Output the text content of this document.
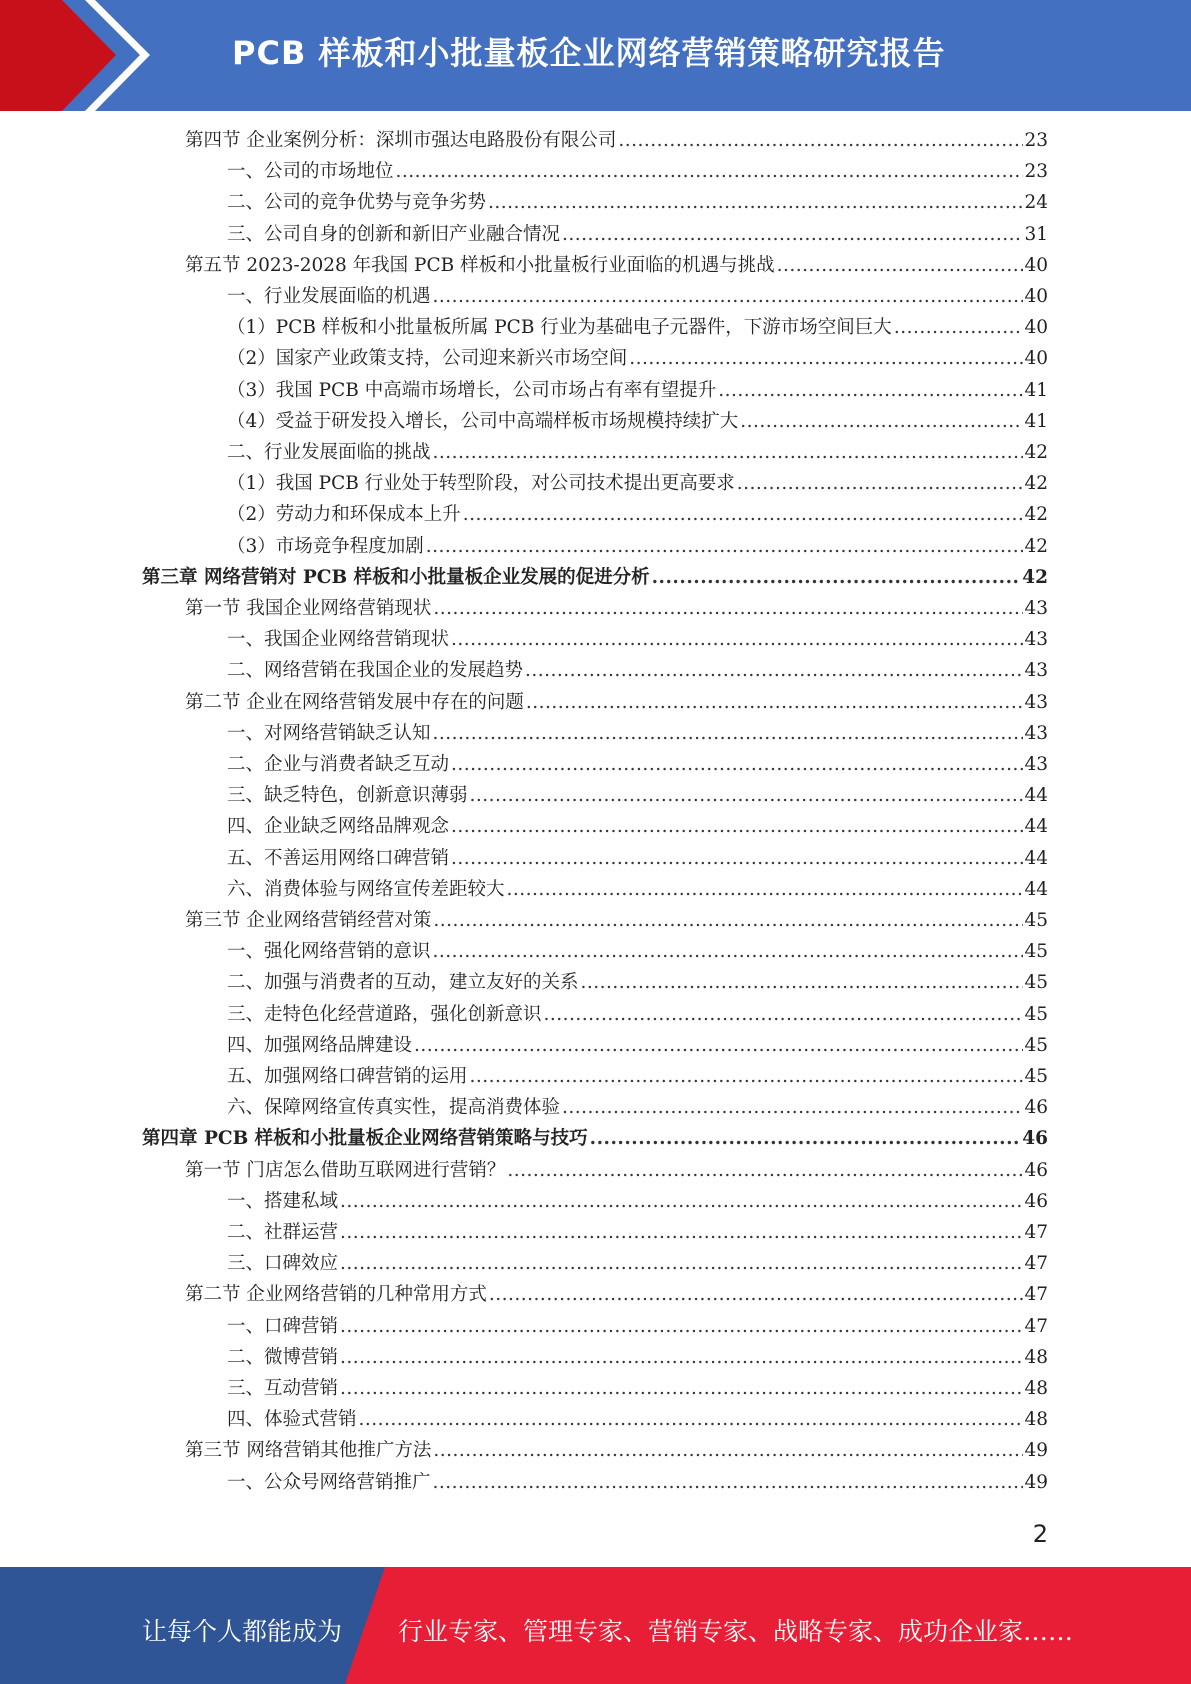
PCB 样板和小批量板企业网络营销策略研究报告
第四节 企业案例分析：深圳市强达电路股份有限公司 .....	23
一、公司的市场地位 .....	23
二、公司的竞争优势与竞争劣势 .....	24
三、公司自身的创新和新旧产业融合情况 .....	31
第五节 2023-2028 年我国 PCB 样板和小批量板行业面临的机遇与挑战 .....	40
一、行业发展面临的机遇 .....	40
（1）PCB 样板和小批量板所属 PCB 行业为基础电子元器件，下游市场空间巨大 .....	40
（2）国家产业政策支持，公司迎来新兴市场空间 .....	40
（3）我国 PCB 中高端市场增长，公司市场占有率有望提升 .....	41
（4）受益于研发投入增长，公司中高端样板市场规模持续扩大 .....	41
二、行业发展面临的挑战 .....	42
（1）我国 PCB 行业处于转型阶段，对公司技术提出更高要求 .....	42
（2）劳动力和环保成本上升 .....	42
（3）市场竞争程度加剧 .....	42
第三章 网络营销对 PCB 样板和小批量板企业发展的促进分析 .....	42
第一节 我国企业网络营销现状 .....	43
一、我国企业网络营销现状 .....	43
二、网络营销在我国企业的发展趋势 .....	43
第二节 企业在网络营销发展中存在的问题 .....	43
一、对网络营销缺乏认知 .....	43
二、企业与消费者缺乏互动 .....	43
三、缺乏特色，创新意识薄弱 .....	44
四、企业缺乏网络品牌观念 .....	44
五、不善运用网络口碑营销 .....	44
六、消费体验与网络宣传差距较大 .....	44
第三节 企业网络营销经营对策 .....	45
一、强化网络营销的意识 .....	45
二、加强与消费者的互动，建立友好的关系 .....	45
三、走特色化经营道路，强化创新意识 .....	45
四、加强网络品牌建设 .....	45
五、加强网络口碑营销的运用 .....	45
六、保障网络宣传真实性，提高消费体验 .....	46
第四章 PCB 样板和小批量板企业网络营销策略与技巧 .....	46
第一节 门店怎么借助互联网进行营销？ .....	46
一、搭建私域 .....	46
二、社群运营 .....	47
三、口碑效应 .....	47
第二节 企业网络营销的几种常用方式 .....	47
一、口碑营销 .....	47
二、微博营销 .....	48
三、互动营销 .....	48
四、体验式营销 .....	48
第三节 网络营销其他推广方法 .....	49
一、公众号网络营销推广 .....	49
2
让每个人都能成为 行业专家、管理专家、营销专家、战略专家、成功企业家……
